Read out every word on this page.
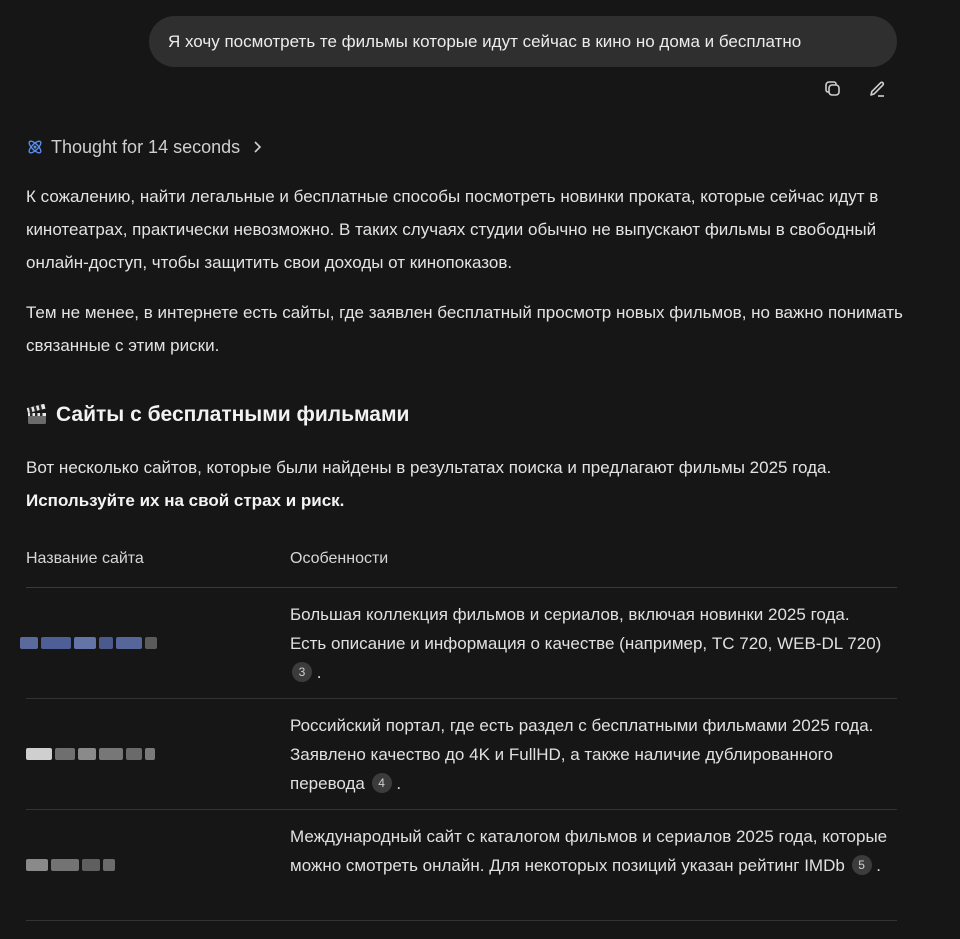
Я хочу посмотреть те фильмы которые идут сейчас в кино но дома и бесплатно
Thought for 14 seconds

К сожалению, найти легальные и бесплатные способы посмотреть новинки проката, которые сейчас идут в кинотеатрах, практически невозможно. В таких случаях студии обычно не выпускают фильмы в свободный онлайн-доступ, чтобы защитить свои доходы от кинопоказов.

Тем не менее, в интернете есть сайты, где заявлен бесплатный просмотр новых фильмов, но важно понимать связанные с этим риски.

Сайты с бесплатными фильмами

Вот несколько сайтов, которые были найдены в результатах поиска и предлагают фильмы 2025 года. Используйте их на свой страх и риск.

Название сайта	Особенности
Большая коллекция фильмов и сериалов, включая новинки 2025 года. Есть описание и информация о качестве (например, TC 720, WEB-DL 720) 3 .
Российский портал, где есть раздел с бесплатными фильмами 2025 года. Заявлено качество до 4K и FullHD, а также наличие дублированного перевода 4 .
Международный сайт с каталогом фильмов и сериалов 2025 года, которые можно смотреть онлайн. Для некоторых позиций указан рейтинг IMDb 5 .
